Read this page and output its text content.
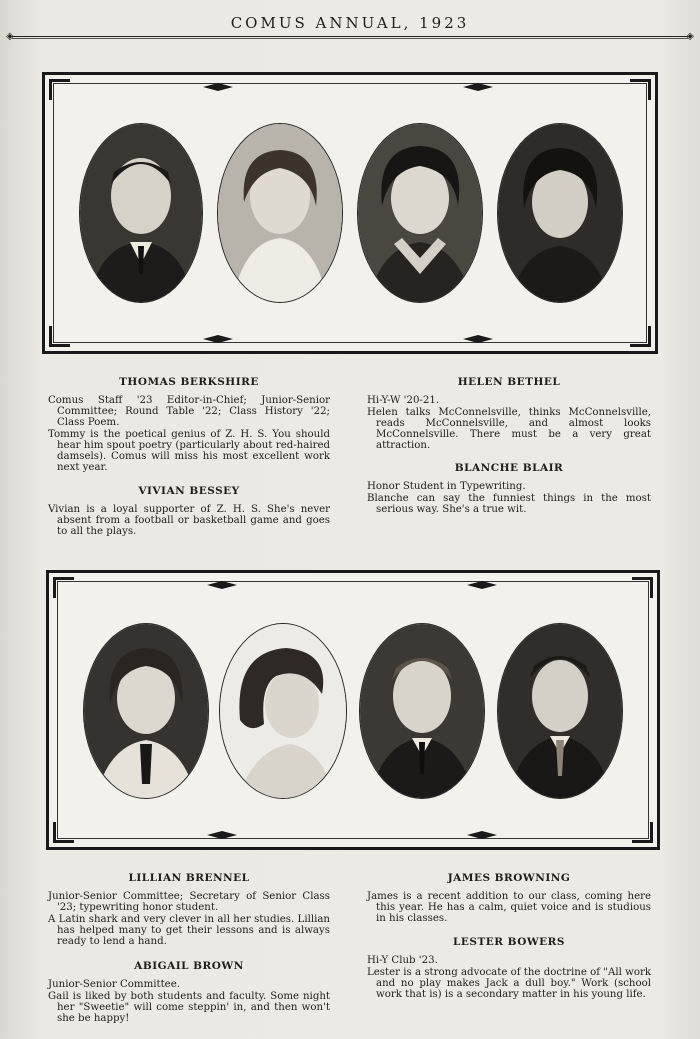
COMUS ANNUAL, 1923
◈	◈
THOMAS BERKSHIRE

Comus Staff '23 Editor-in-Chief; Junior-Senior Committee; Round Table '22; Class History '22; Class Poem.

Tommy is the poetical genius of Z. H. S. You should hear him spout poetry (particularly about red-haired damsels). Comus will miss his most excellent work next year.

VIVIAN BESSEY

Vivian is a loyal supporter of Z. H. S. She's never absent from a football or basketball game and goes to all the plays.

HELEN BETHEL

Hi-Y-W '20-21.

Helen talks McConnelsville, thinks McConnelsville, reads McConnelsville, and almost looks McConnelsville. There must be a very great attraction.

BLANCHE BLAIR

Honor Student in Typewriting.

Blanche can say the funniest things in the most serious way. She's a true wit.

LILLIAN BRENNEL

Junior-Senior Committee; Secretary of Senior Class '23; typewriting honor student.

A Latin shark and very clever in all her studies. Lillian has helped many to get their lessons and is always ready to lend a hand.

ABIGAIL BROWN

Junior-Senior Committee.

Gail is liked by both students and faculty. Some night her "Sweetie" will come steppin' in, and then won't she be happy!

JAMES BROWNING

James is a recent addition to our class, coming here this year. He has a calm, quiet voice and is studious in his classes.

LESTER BOWERS

Hi-Y Club '23.

Lester is a strong advocate of the doctrine of "All work and no play makes Jack a dull boy." Work (school work that is) is a secondary matter in his young life.
